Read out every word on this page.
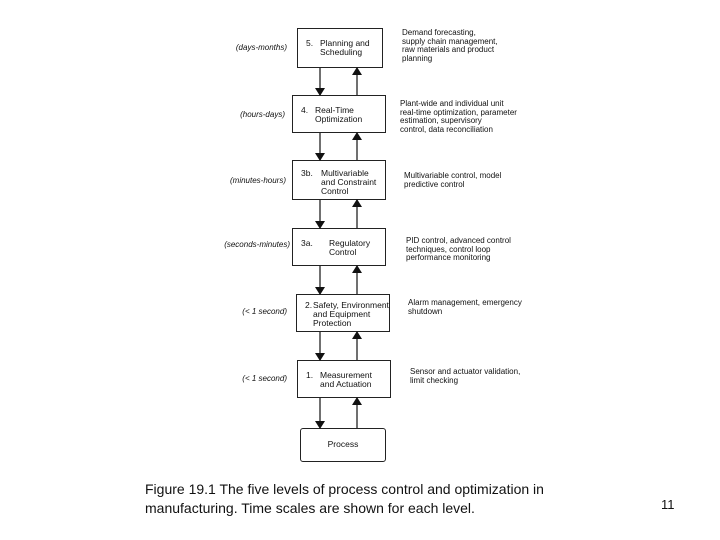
5. Planning and
Scheduling
4. Real-Time
Optimization
3b. Multivariable
and Constraint
Control
3a. Regulatory
Control
2. Safety, Environment
and Equipment
Protection
1. Measurement
and Actuation
Process
(days-months)
(hours-days)
(minutes-hours)
(seconds-minutes)
(< 1 second)
(< 1 second)
Demand forecasting,
supply chain management,
raw materials and product
planning
Plant-wide and individual unit
real-time optimization, parameter
estimation, supervisory
control, data reconciliation
Multivariable control, model
predictive control
PID control, advanced control
techniques, control loop
performance monitoring
Alarm management, emergency
shutdown
Sensor and actuator validation,
limit checking
Figure 19.1 The five levels of process control and optimization in
manufacturing. Time scales are shown for each level.	11
